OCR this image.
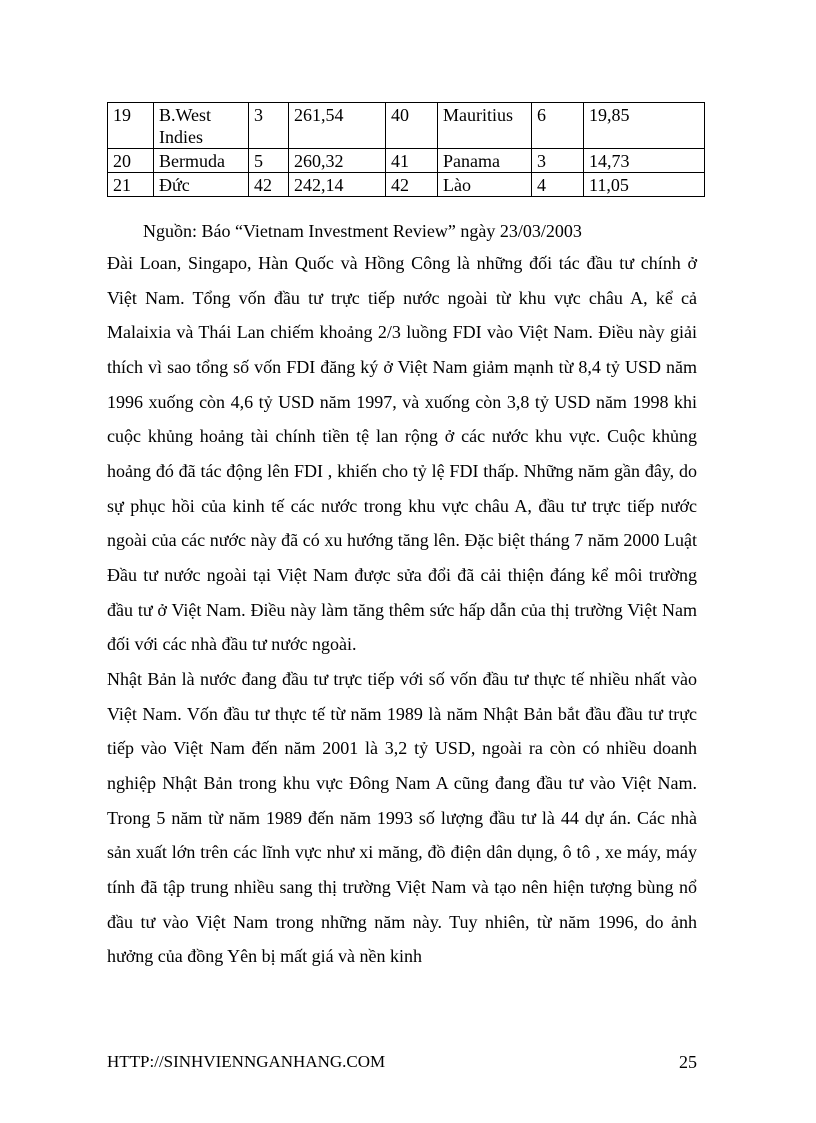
19	B.West Indies	3	261,54	40	Mauritius	6	19,85
20	Bermuda	5	260,32	41	Panama	3	14,73
21	Đức	42	242,14	42	Lào	4	11,05

Nguồn: Báo “Vietnam Investment Review” ngày 23/03/2003

Đài Loan, Singapo, Hàn Quốc và Hồng Công là những đối tác đầu tư chính ở Việt Nam. Tổng vốn đầu tư trực tiếp nước ngoài từ khu vực châu A, kể cả Malaixia và Thái Lan chiếm khoảng 2/3 luồng FDI vào Việt Nam. Điều này giải thích vì sao tổng số vốn FDI đăng ký ở Việt Nam giảm mạnh từ 8,4 tỷ USD năm 1996 xuống còn 4,6 tỷ USD năm 1997, và xuống còn 3,8 tỷ USD năm 1998 khi cuộc khủng hoảng tài chính tiền tệ lan rộng ở các nước khu vực. Cuộc khủng hoảng đó đã tác động lên FDI , khiến cho tỷ lệ FDI thấp. Những năm gần đây, do sự phục hồi của kinh tế các nước trong khu vực châu A, đầu tư trực tiếp nước ngoài của các nước này đã có xu hướng tăng lên. Đặc biệt tháng 7 năm 2000 Luật Đầu tư nước ngoài tại Việt Nam được sửa đổi đã cải thiện đáng kể môi trường đầu tư ở Việt Nam. Điều này làm tăng thêm sức hấp dẫn của thị trường Việt Nam đối với các nhà đầu tư nước ngoài.

Nhật Bản là nước đang đầu tư trực tiếp với số vốn đầu tư thực tế nhiều nhất vào Việt Nam. Vốn đầu tư thực tế từ năm 1989 là năm Nhật Bản bắt đầu đầu tư trực tiếp vào Việt Nam đến năm 2001 là 3,2 tỷ USD, ngoài ra còn có nhiều doanh nghiệp Nhật Bản trong khu vực Đông Nam A cũng đang đầu tư vào Việt Nam. Trong 5 năm từ năm 1989 đến năm 1993 số lượng đầu tư là 44 dự án. Các nhà sản xuất lớn trên các lĩnh vực như xi măng, đồ điện dân dụng, ô tô , xe máy, máy tính đã tập trung nhiều sang thị trường Việt Nam và tạo nên hiện tượng bùng nổ đầu tư vào Việt Nam trong những năm này. Tuy nhiên, từ năm 1996, do ảnh hưởng của đồng Yên bị mất giá và nền kinh

HTTP://SINHVIENNGANHANG.COM	25
